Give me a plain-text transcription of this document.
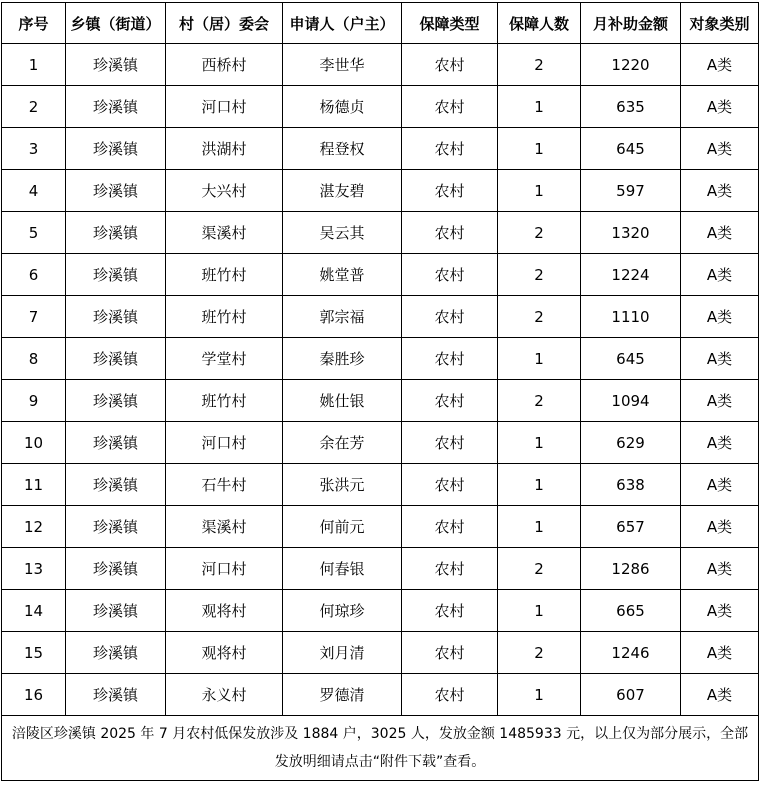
序号	乡镇（街道）	村（居）委会	申请人（户主）	保障类型	保障人数	月补助金额	对象类别
1	珍溪镇	西桥村	李世华	农村	2	1220	A类
2	珍溪镇	河口村	杨德贞	农村	1	635	A类
3	珍溪镇	洪湖村	程登权	农村	1	645	A类
4	珍溪镇	大兴村	湛友碧	农村	1	597	A类
5	珍溪镇	渠溪村	吴云其	农村	2	1320	A类
6	珍溪镇	班竹村	姚堂普	农村	2	1224	A类
7	珍溪镇	班竹村	郭宗福	农村	2	1110	A类
8	珍溪镇	学堂村	秦胜珍	农村	1	645	A类
9	珍溪镇	班竹村	姚仕银	农村	2	1094	A类
10	珍溪镇	河口村	余在芳	农村	1	629	A类
11	珍溪镇	石牛村	张洪元	农村	1	638	A类
12	珍溪镇	渠溪村	何前元	农村	1	657	A类
13	珍溪镇	河口村	何春银	农村	2	1286	A类
14	珍溪镇	观将村	何琼珍	农村	1	665	A类
15	珍溪镇	观将村	刘月清	农村	2	1246	A类
16	珍溪镇	永义村	罗德清	农村	1	607	A类
涪陵区珍溪镇 2025 年 7 月农村低保发放涉及 1884 户，3025 人，发放金额 1485933 元，以上仅为部分展示，全部发放明细请点击“附件下载”查看。							
